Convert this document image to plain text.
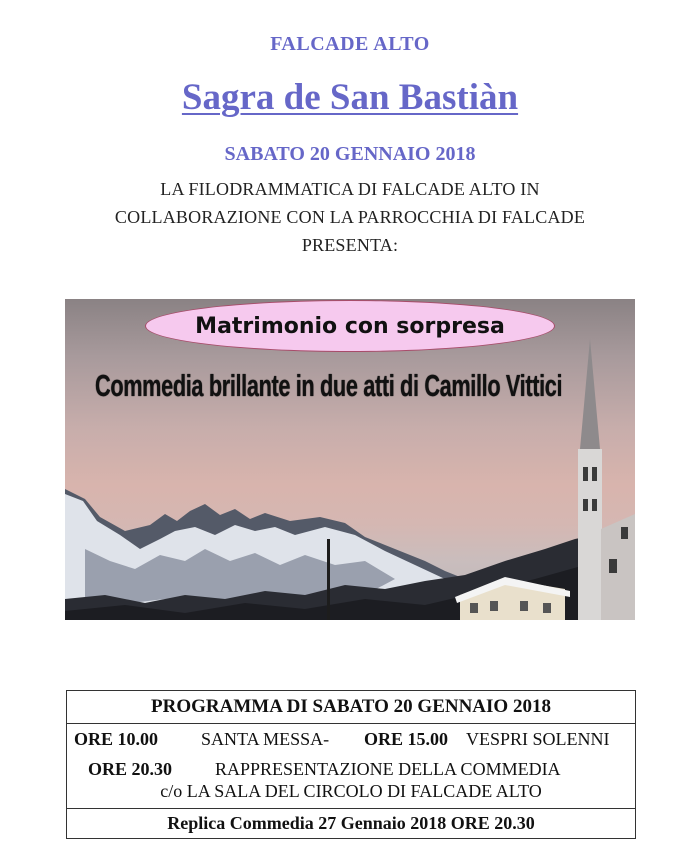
FALCADE ALTO
Sagra de San Bastiàn
SABATO 20 GENNAIO 2018
LA FILODRAMMATICA DI FALCADE ALTO IN
COLLABORAZIONE CON LA PARROCCHIA DI FALCADE
PRESENTA:
Matrimonio con sorpresa
Commedia brillante in due atti di Camillo Vittici
PROGRAMMA DI SABATO 20 GENNAIO 2018
ORE 10.00 SANTA MESSA- ORE 15.00 VESPRI SOLENNI
ORE 20.30 RAPPRESENTAZIONE DELLA COMMEDIA
c/o LA SALA DEL CIRCOLO DI FALCADE ALTO
Replica Commedia 27 Gennaio 2018 ORE 20.30
